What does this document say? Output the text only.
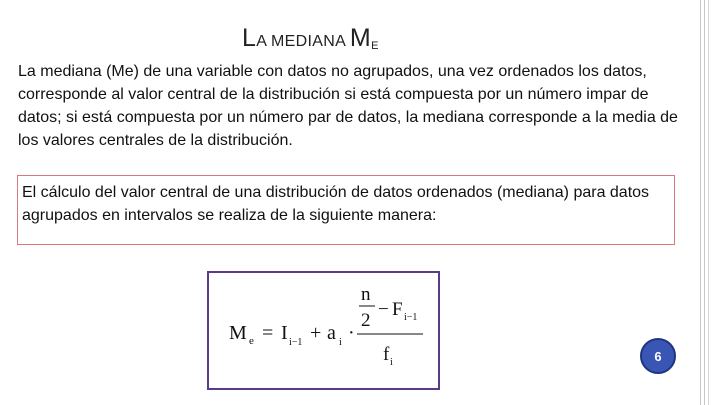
LA MEDIANA ME

La mediana (Me) de una variable con datos no agrupados, una vez ordenados los datos, corresponde al valor central de la distribución si está compuesta por un número impar de datos; si está compuesta por un número par de datos, la mediana corresponde a la media de los valores centrales de la distribución.

El cálculo del valor central de una distribución de datos ordenados (mediana) para datos agrupados en intervalos se realiza de la siguiente manera:

M e = I i−1 + a i ·
n
2
− F i−1
f i	6
